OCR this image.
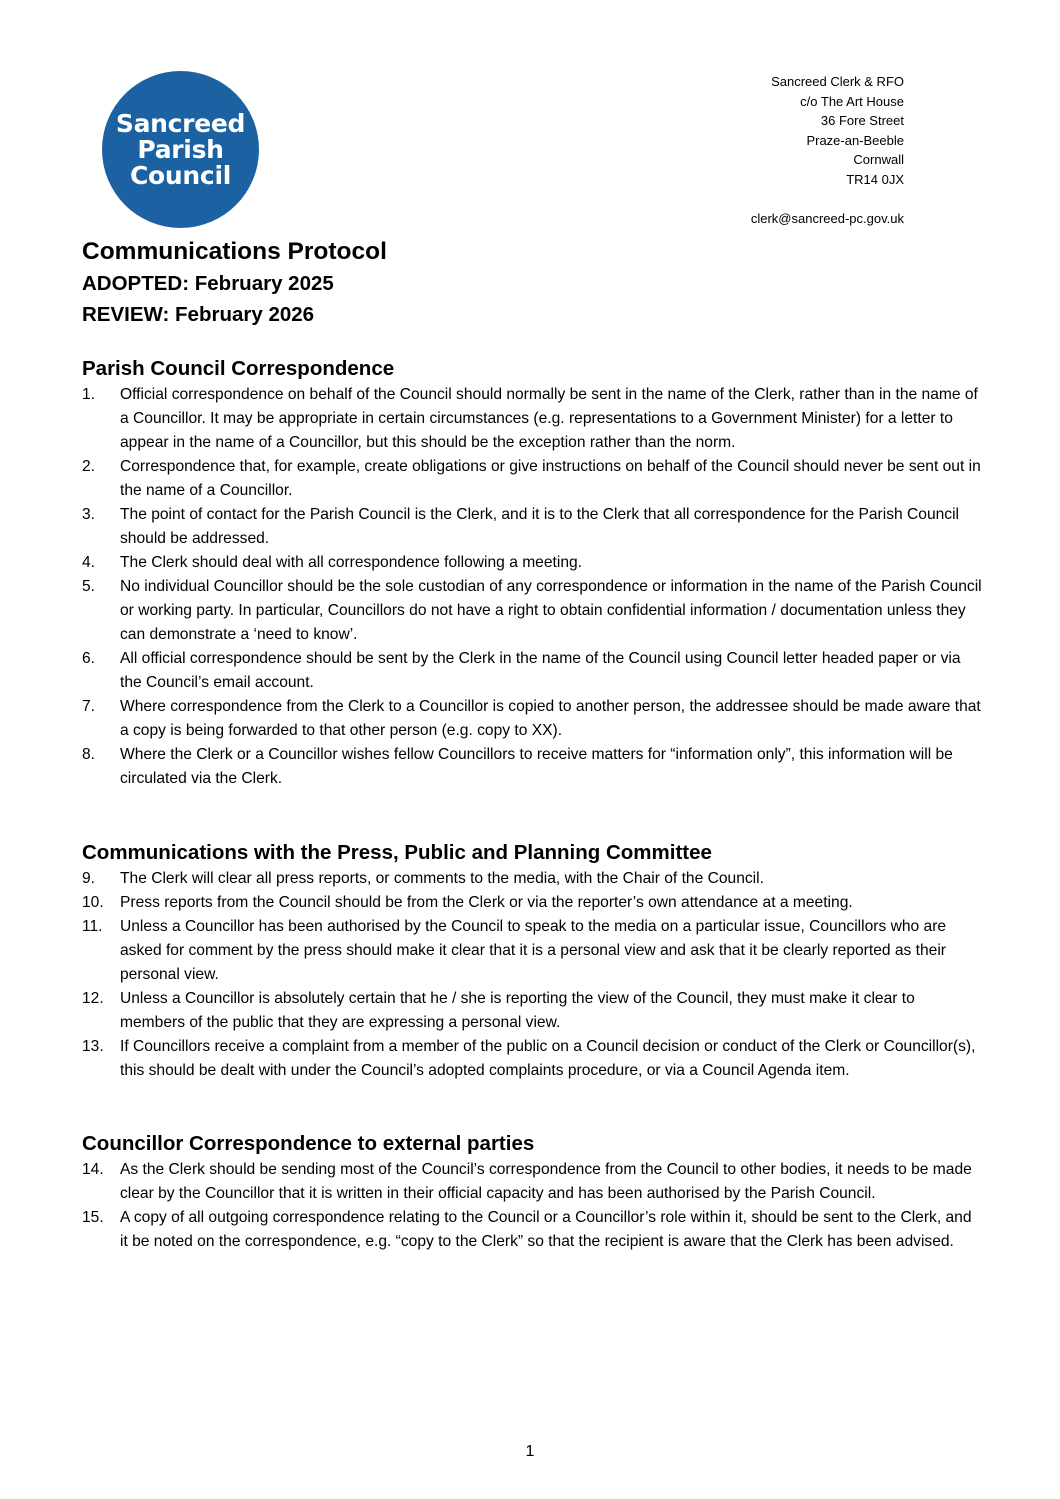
Sancreed
Parish
Council
Sancreed Clerk & RFO
c/o The Art House
36 Fore Street
Praze-an-Beeble
Cornwall
TR14 0JX
clerk@sancreed-pc.gov.uk
Communications Protocol
ADOPTED: February 2025
REVIEW: February 2026
Parish Council Correspondence
1. Official correspondence on behalf of the Council should normally be sent in the name of the Clerk, rather than in the name of a Councillor. It may be appropriate in certain circumstances (e.g. representations to a Government Minister) for a letter to appear in the name of a Councillor, but this should be the exception rather than the norm.
2. Correspondence that, for example, create obligations or give instructions on behalf of the Council should never be sent out in the name of a Councillor.
3. The point of contact for the Parish Council is the Clerk, and it is to the Clerk that all correspondence for the Parish Council should be addressed.
4. The Clerk should deal with all correspondence following a meeting.
5. No individual Councillor should be the sole custodian of any correspondence or information in the name of the Parish Council or working party. In particular, Councillors do not have a right to obtain confidential information / documentation unless they can demonstrate a ‘need to know’.
6. All official correspondence should be sent by the Clerk in the name of the Council using Council letter headed paper or via the Council’s email account.
7. Where correspondence from the Clerk to a Councillor is copied to another person, the addressee should be made aware that a copy is being forwarded to that other person (e.g. copy to XX).
8. Where the Clerk or a Councillor wishes fellow Councillors to receive matters for “information only”, this information will be circulated via the Clerk.
Communications with the Press, Public and Planning Committee
9. The Clerk will clear all press reports, or comments to the media, with the Chair of the Council.
10. Press reports from the Council should be from the Clerk or via the reporter’s own attendance at a meeting.
11. Unless a Councillor has been authorised by the Council to speak to the media on a particular issue, Councillors who are asked for comment by the press should make it clear that it is a personal view and ask that it be clearly reported as their personal view.
12. Unless a Councillor is absolutely certain that he / she is reporting the view of the Council, they must make it clear to members of the public that they are expressing a personal view.
13. If Councillors receive a complaint from a member of the public on a Council decision or conduct of the Clerk or Councillor(s), this should be dealt with under the Council’s adopted complaints procedure, or via a Council Agenda item.
Councillor Correspondence to external parties
14. As the Clerk should be sending most of the Council’s correspondence from the Council to other bodies, it needs to be made clear by the Councillor that it is written in their official capacity and has been authorised by the Parish Council.
15. A copy of all outgoing correspondence relating to the Council or a Councillor’s role within it, should be sent to the Clerk, and it be noted on the correspondence, e.g. “copy to the Clerk” so that the recipient is aware that the Clerk has been advised.
1
